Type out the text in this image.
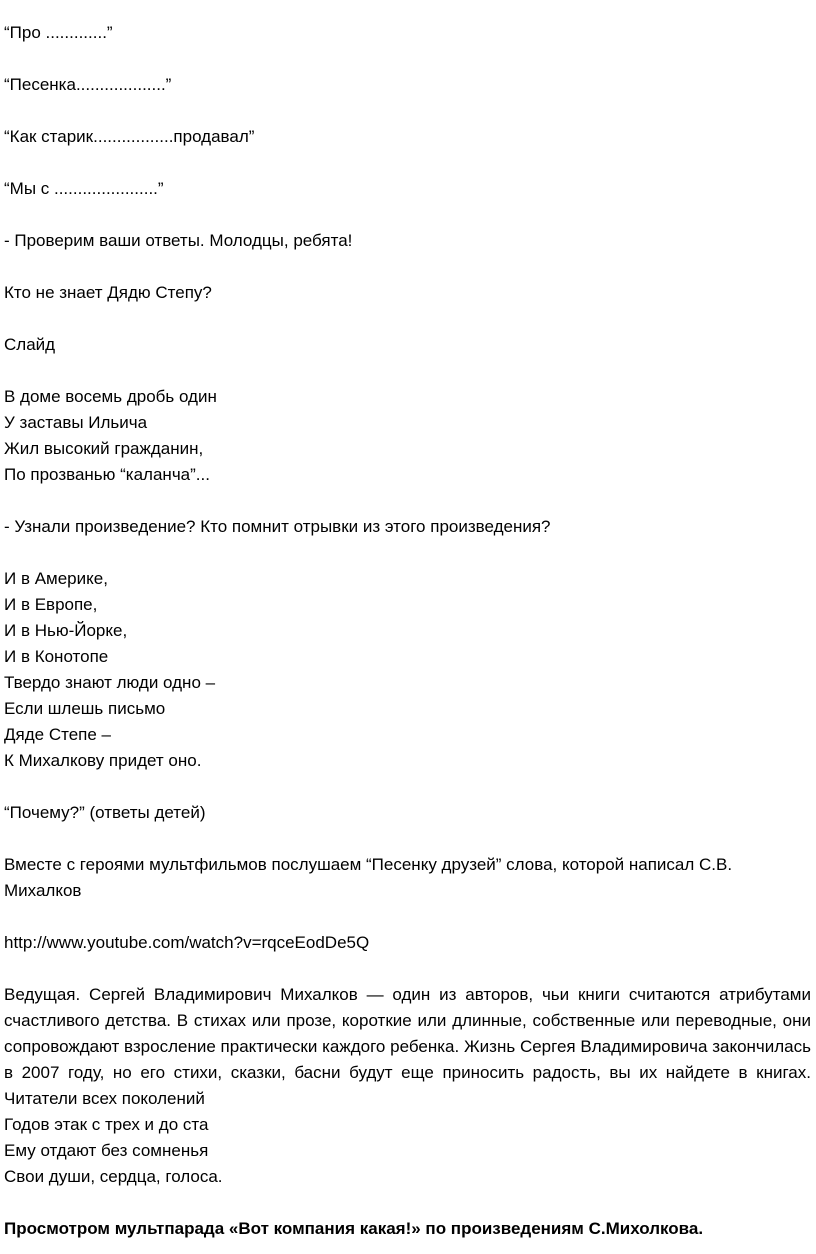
“Про .............”
“Песенка...................”
“Как старик.................продавал”
“Мы с ......................”
- Проверим ваши ответы. Молодцы, ребята!
Кто не знает Дядю Степу?
Слайд
В доме восемь дробь один
У заставы Ильича
Жил высокий гражданин,
По прозванью “каланча”...
- Узнали произведение? Кто помнит отрывки из этого произведения?
И в Америке,
И в Европе,
И в Нью-Йорке,
И в Конотопе
Твердо знают люди одно –
Если шлешь письмо
Дяде Степе –
К Михалкову придет оно.
“Почему?” (ответы детей)
Вместе с героями мультфильмов послушаем “Песенку друзей” слова, которой написал С.В. Михалков
http://www.youtube.com/watch?v=rqceEodDe5Q
Ведущая. Сергей Владимирович Михалков — один из авторов, чьи книги считаются атрибутами счастливого детства. В стихах или прозе, короткие или длинные, собственные или переводные, они сопровождают взросление практически каждого ребенка. Жизнь Сергея Владимировича закончилась в 2007 году, но его стихи, сказки, басни будут еще приносить радость, вы их найдете в книгах. Читатели всех поколений
Годов этак с трех и до ста
Ему отдают без сомненья
Свои души, сердца, голоса.
Просмотром мультпарада «Вот компания какая!» по произведениям С.Михолкова.
